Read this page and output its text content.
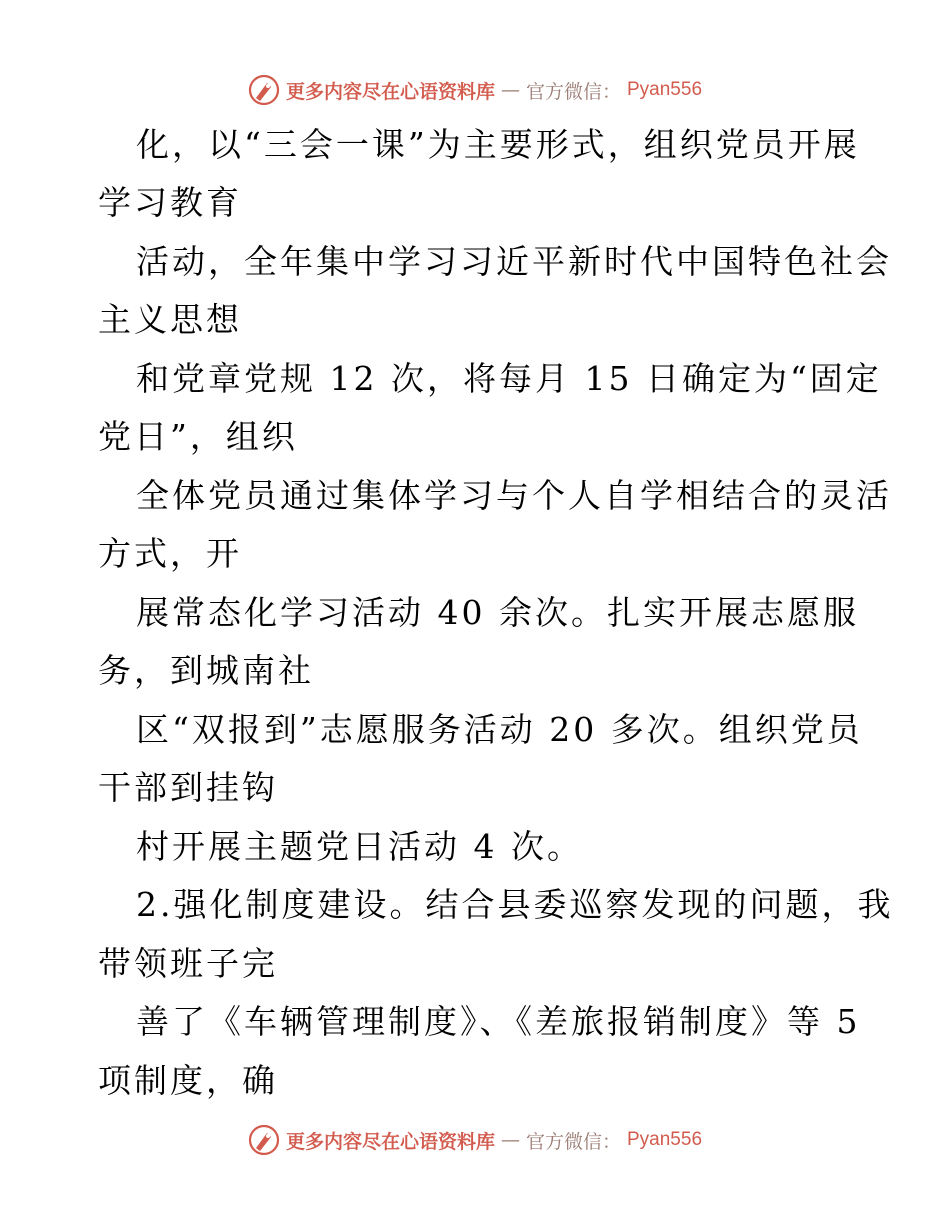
更多内容尽在心语资料库 — 官方微信： Pyan556
化，以“三会一课”为主要形式，组织党员开展
学习教育
活动，全年集中学习习近平新时代中国特色社会
主义思想
和党章党规 12 次，将每月 15 日确定为“固定
党日”，组织
全体党员通过集体学习与个人自学相结合的灵活
方式，开
展常态化学习活动 40 余次。扎实开展志愿服
务，到城南社
区“双报到”志愿服务活动 20 多次。组织党员
干部到挂钩
村开展主题党日活动 4 次。
2.强化制度建设。结合县委巡察发现的问题，我
带领班子完
善了《车辆管理制度》、《差旅报销制度》等 5
项制度，确
更多内容尽在心语资料库 — 官方微信： Pyan556
